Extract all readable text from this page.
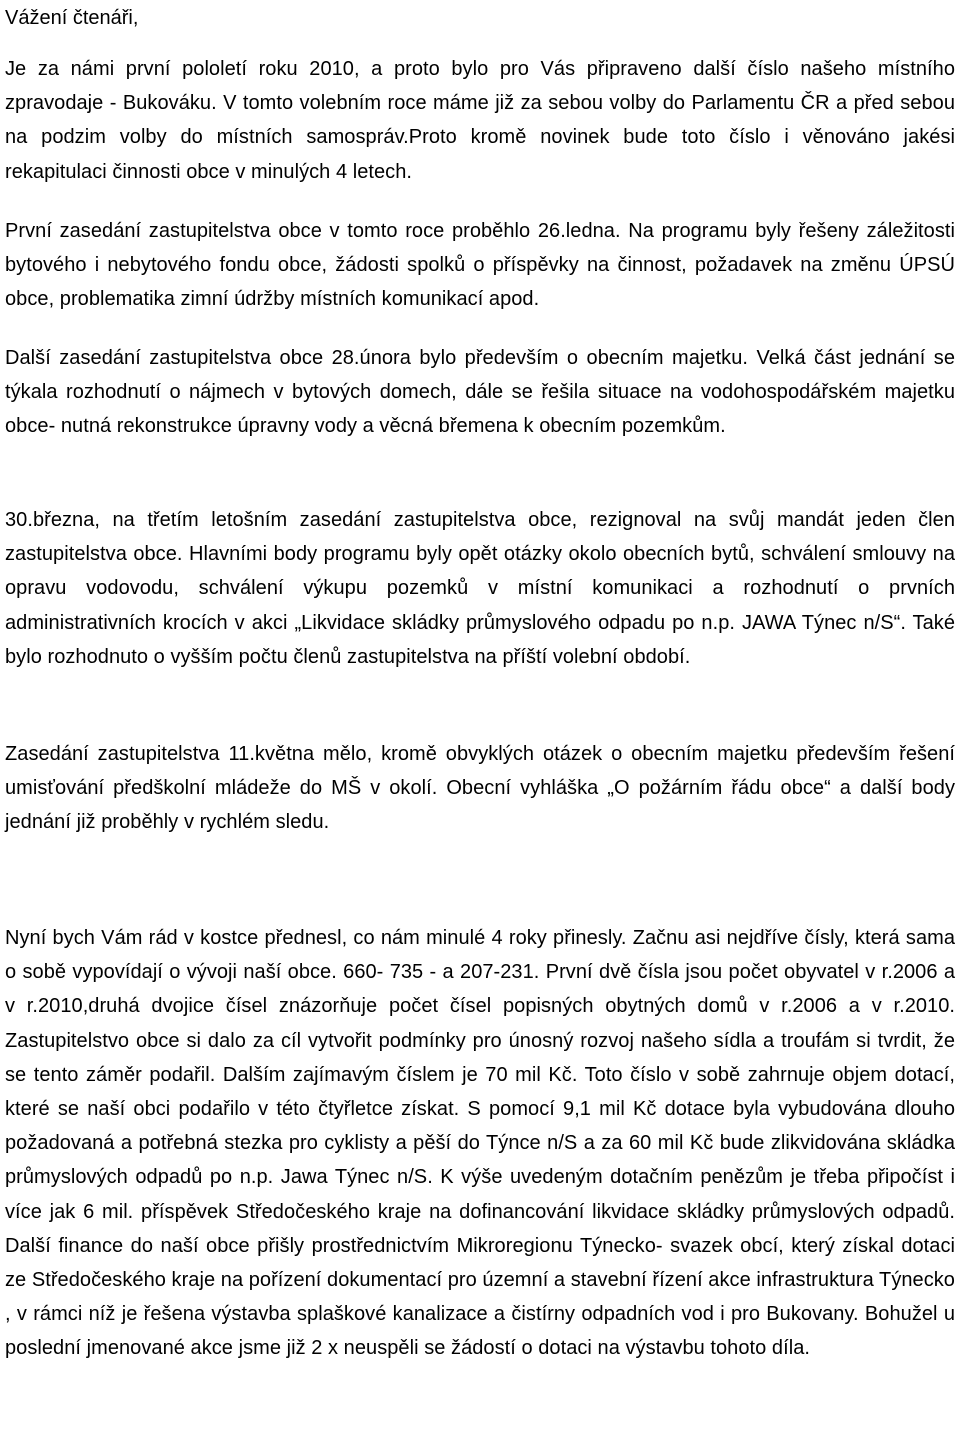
Vážení čtenáři,

Je za námi první pololetí roku 2010, a proto bylo pro Vás připraveno další číslo našeho místního zpravodaje - Bukováku. V tomto volebním roce máme již za sebou volby do Parlamentu ČR a před sebou na podzim volby do místních samospráv.Proto kromě novinek bude toto číslo i věnováno jakési rekapitulaci činnosti obce v minulých 4 letech.

První zasedání zastupitelstva obce v tomto roce proběhlo 26.ledna. Na programu byly řešeny záležitosti bytového i nebytového fondu obce, žádosti spolků o příspěvky na činnost, požadavek na změnu ÚPSÚ obce, problematika zimní údržby místních komunikací apod.

Další zasedání zastupitelstva obce 28.února bylo především o obecním majetku. Velká část jednání se týkala rozhodnutí o nájmech v bytových domech, dále se řešila situace na vodohospodářském majetku obce- nutná rekonstrukce úpravny vody a věcná břemena k obecním pozemkům.

30.března, na třetím letošním zasedání zastupitelstva obce, rezignoval na svůj mandát jeden člen zastupitelstva obce. Hlavními body programu byly opět otázky okolo obecních bytů, schválení smlouvy na opravu vodovodu, schválení výkupu pozemků v místní komunikaci a rozhodnutí o prvních administrativních krocích v akci „Likvidace skládky průmyslového odpadu po n.p. JAWA Týnec n/S“. Také bylo rozhodnuto o vyšším počtu členů zastupitelstva na příští volební období.

Zasedání zastupitelstva 11.května mělo, kromě obvyklých otázek o obecním majetku především řešení umisťování předškolní mládeže do MŠ v okolí. Obecní vyhláška „O požárním řádu obce“ a další body jednání již proběhly v rychlém sledu.

Nyní bych Vám rád v kostce přednesl, co nám minulé 4 roky přinesly. Začnu asi nejdříve čísly, která sama o sobě vypovídají o vývoji naší obce. 660- 735 - a 207-231. První dvě čísla jsou počet obyvatel v r.2006 a v r.2010,druhá dvojice čísel znázorňuje počet čísel popisných obytných domů v r.2006 a v r.2010. Zastupitelstvo obce si dalo za cíl vytvořit podmínky pro únosný rozvoj našeho sídla a troufám si tvrdit, že se tento záměr podařil. Dalším zajímavým číslem je 70 mil Kč. Toto číslo v sobě zahrnuje objem dotací, které se naší obci podařilo v této čtyřletce získat. S pomocí 9,1 mil Kč dotace byla vybudována dlouho požadovaná a potřebná stezka pro cyklisty a pěší do Týnce n/S a za 60 mil Kč bude zlikvidována skládka průmyslových odpadů po n.p. Jawa Týnec n/S. K výše uvedeným dotačním penězům je třeba připočíst i více jak 6 mil. příspěvek Středočeského kraje na dofinancování likvidace skládky průmyslových odpadů. Další finance do naší obce přišly prostřednictvím Mikroregionu Týnecko- svazek obcí, který získal dotaci ze Středočeského kraje na pořízení dokumentací pro územní a stavební řízení akce infrastruktura Týnecko , v rámci níž je řešena výstavba splaškové kanalizace a čistírny odpadních vod i pro Bukovany. Bohužel u poslední jmenované akce jsme již 2 x neuspěli se žádostí o dotaci na výstavbu tohoto díla.
